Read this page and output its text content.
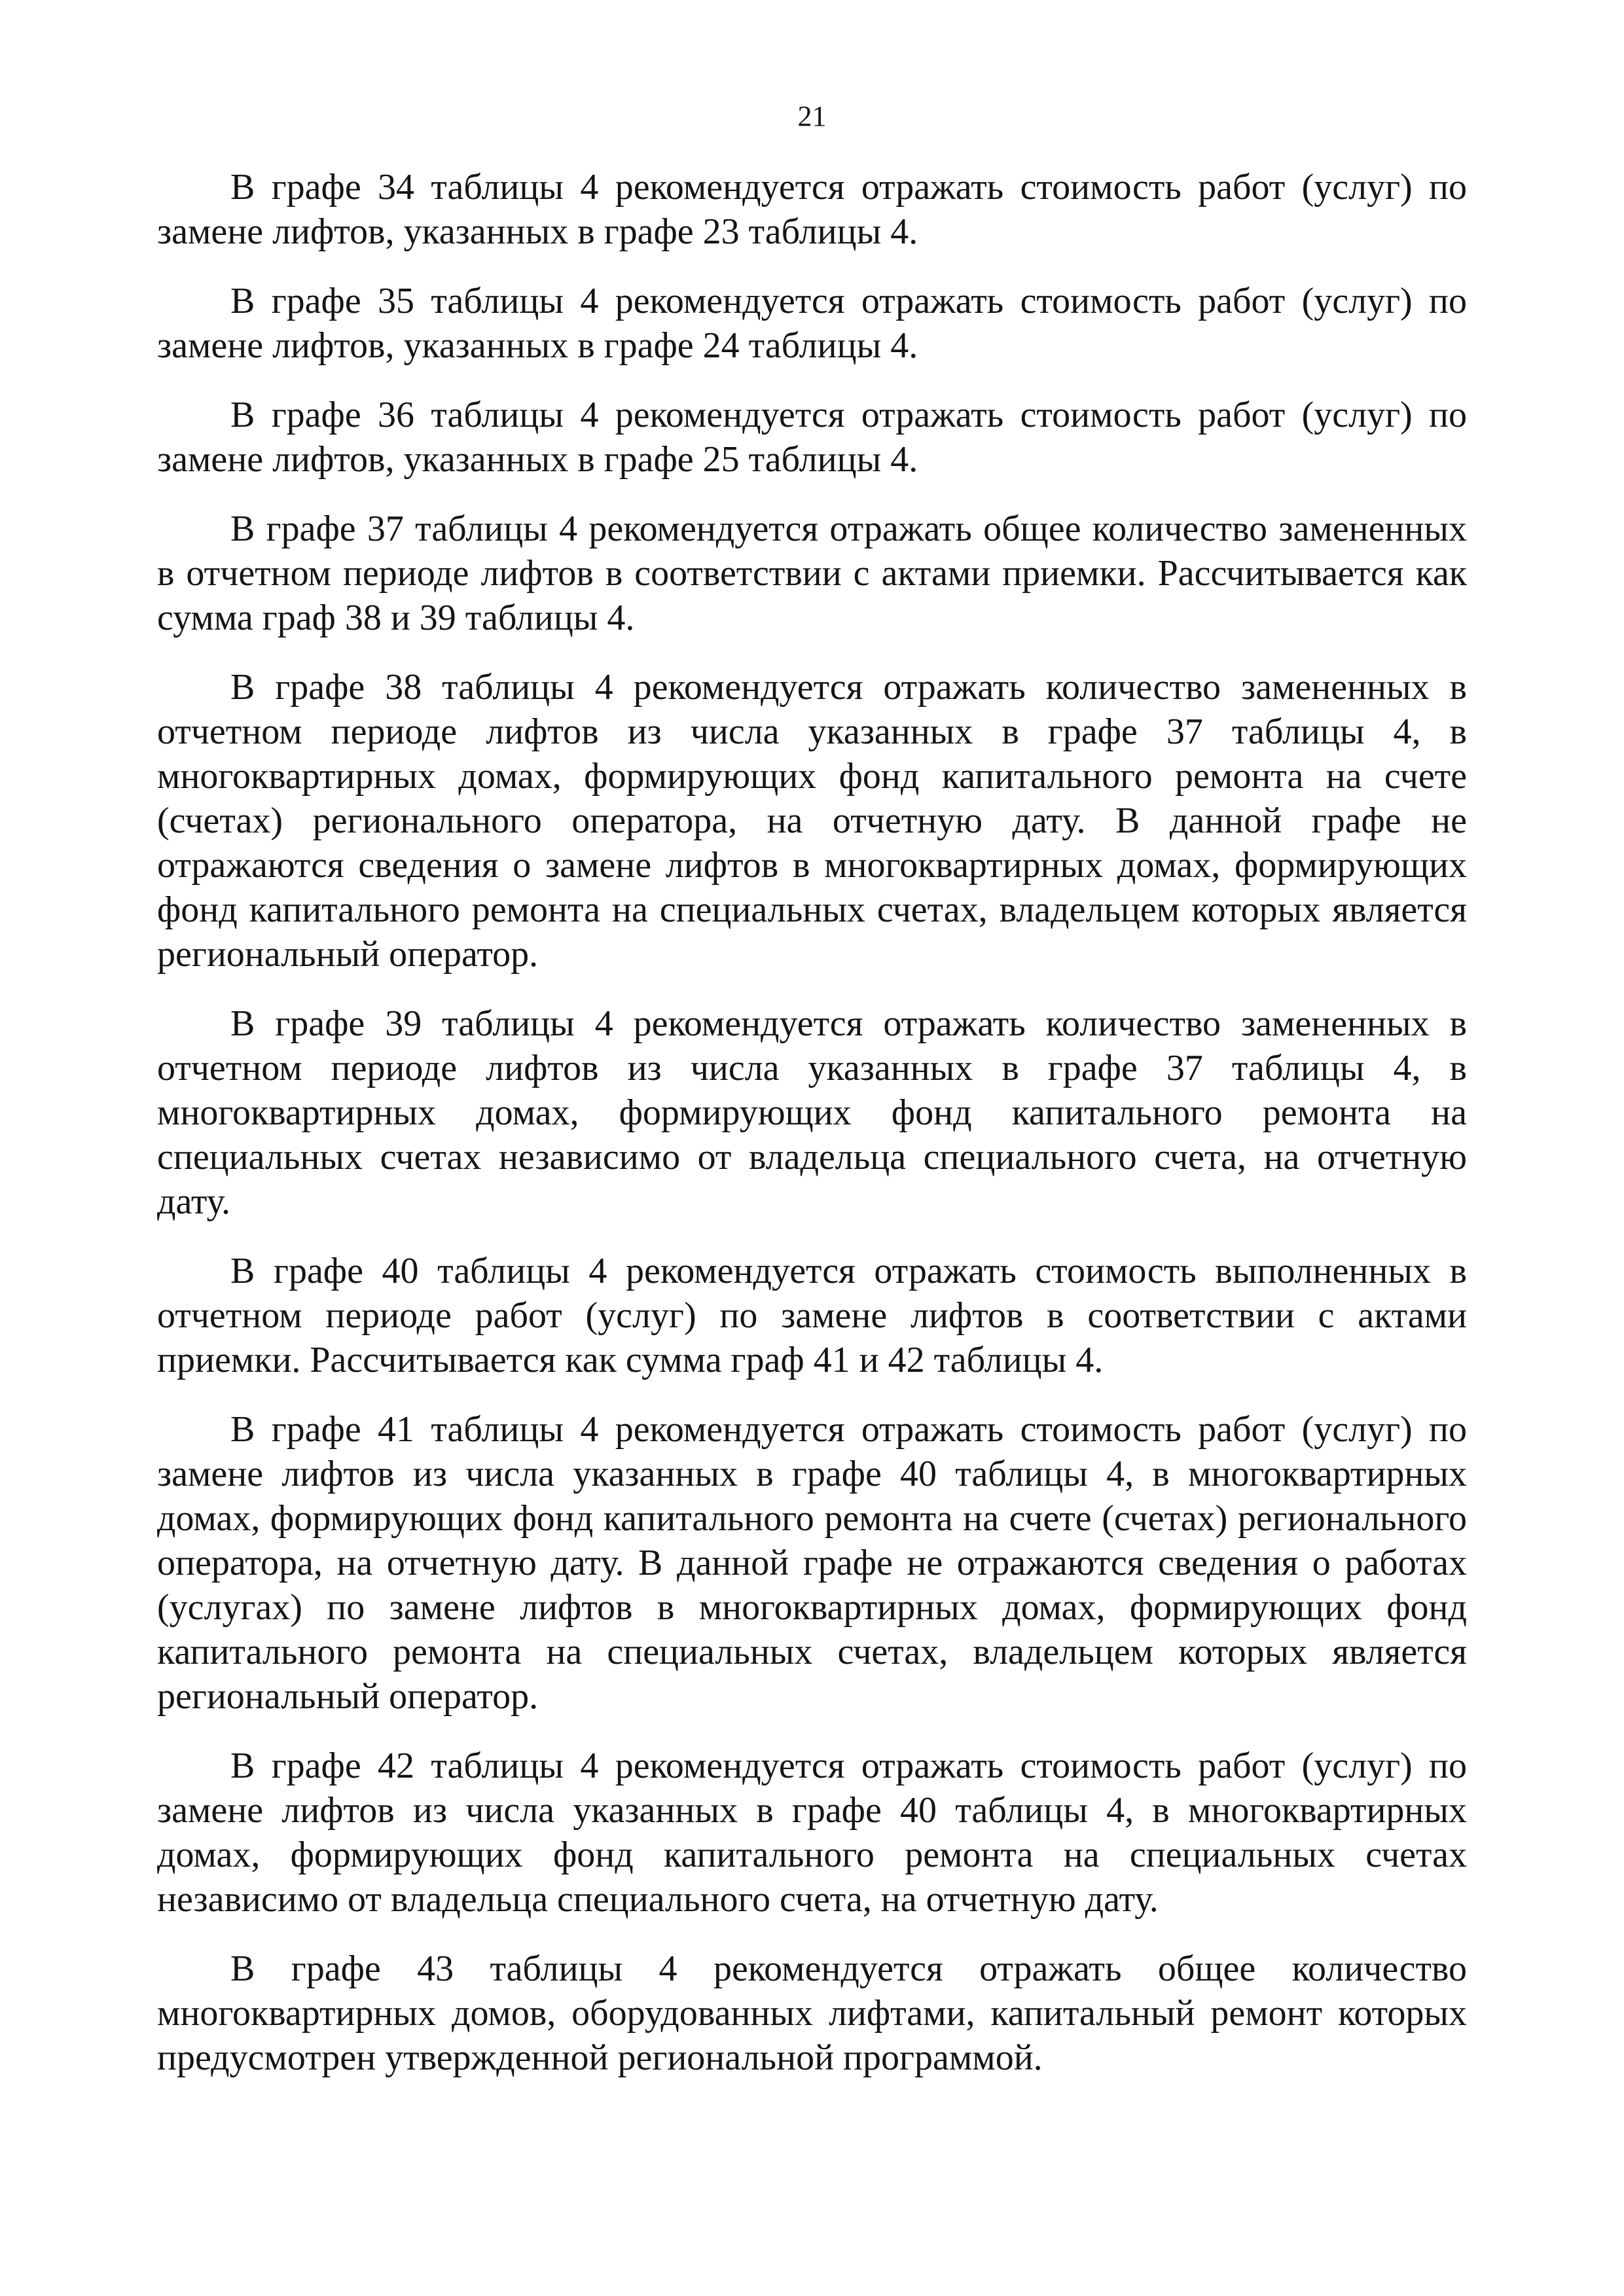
21

В графе 34 таблицы 4 рекомендуется отражать стоимость работ (услуг) по замене лифтов, указанных в графе 23 таблицы 4.

В графе 35 таблицы 4 рекомендуется отражать стоимость работ (услуг) по замене лифтов, указанных в графе 24 таблицы 4.

В графе 36 таблицы 4 рекомендуется отражать стоимость работ (услуг) по замене лифтов, указанных в графе 25 таблицы 4.

В графе 37 таблицы 4 рекомендуется отражать общее количество замененных в отчетном периоде лифтов в соответствии с актами приемки. Рассчитывается как сумма граф 38 и 39 таблицы 4.

В графе 38 таблицы 4 рекомендуется отражать количество замененных в отчетном периоде лифтов из числа указанных в графе 37 таблицы 4, в многоквартирных домах, формирующих фонд капитального ремонта на счете (счетах) регионального оператора, на отчетную дату. В данной графе не отражаются сведения о замене лифтов в многоквартирных домах, формирующих фонд капитального ремонта на специальных счетах, владельцем которых является региональный оператор.

В графе 39 таблицы 4 рекомендуется отражать количество замененных в отчетном периоде лифтов из числа указанных в графе 37 таблицы 4, в многоквартирных домах, формирующих фонд капитального ремонта на специальных счетах независимо от владельца специального счета, на отчетную дату.

В графе 40 таблицы 4 рекомендуется отражать стоимость выполненных в отчетном периоде работ (услуг) по замене лифтов в соответствии с актами приемки. Рассчитывается как сумма граф 41 и 42 таблицы 4.

В графе 41 таблицы 4 рекомендуется отражать стоимость работ (услуг) по замене лифтов из числа указанных в графе 40 таблицы 4, в многоквартирных домах, формирующих фонд капитального ремонта на счете (счетах) регионального оператора, на отчетную дату. В данной графе не отражаются сведения о работах (услугах) по замене лифтов в многоквартирных домах, формирующих фонд капитального ремонта на специальных счетах, владельцем которых является региональный оператор.

В графе 42 таблицы 4 рекомендуется отражать стоимость работ (услуг) по замене лифтов из числа указанных в графе 40 таблицы 4, в многоквартирных домах, формирующих фонд капитального ремонта на специальных счетах независимо от владельца специального счета, на отчетную дату.

В графе 43 таблицы 4 рекомендуется отражать общее количество многоквартирных домов, оборудованных лифтами, капитальный ремонт которых предусмотрен утвержденной региональной программой.
